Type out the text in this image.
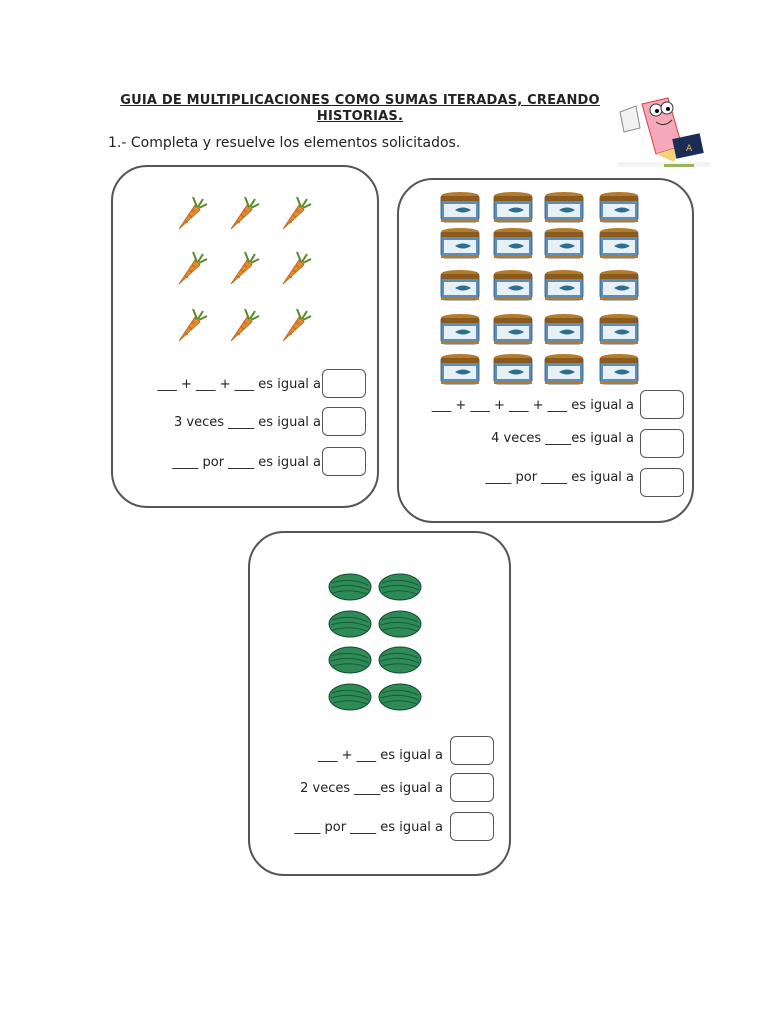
GUIA DE MULTIPLICACIONES COMO SUMAS ITERADAS, CREANDO HISTORIAS.
1.- Completa y resuelve los elementos solicitados.	A
___ + ___ + ___ es igual a
3 veces ____ es igual a
____ por ____ es igual a
___ + ___ + ___ + ___ es igual a
4 veces ____es igual a
____ por ____ es igual a
___ + ___ es igual a
2 veces ____es igual a
____ por ____ es igual a
